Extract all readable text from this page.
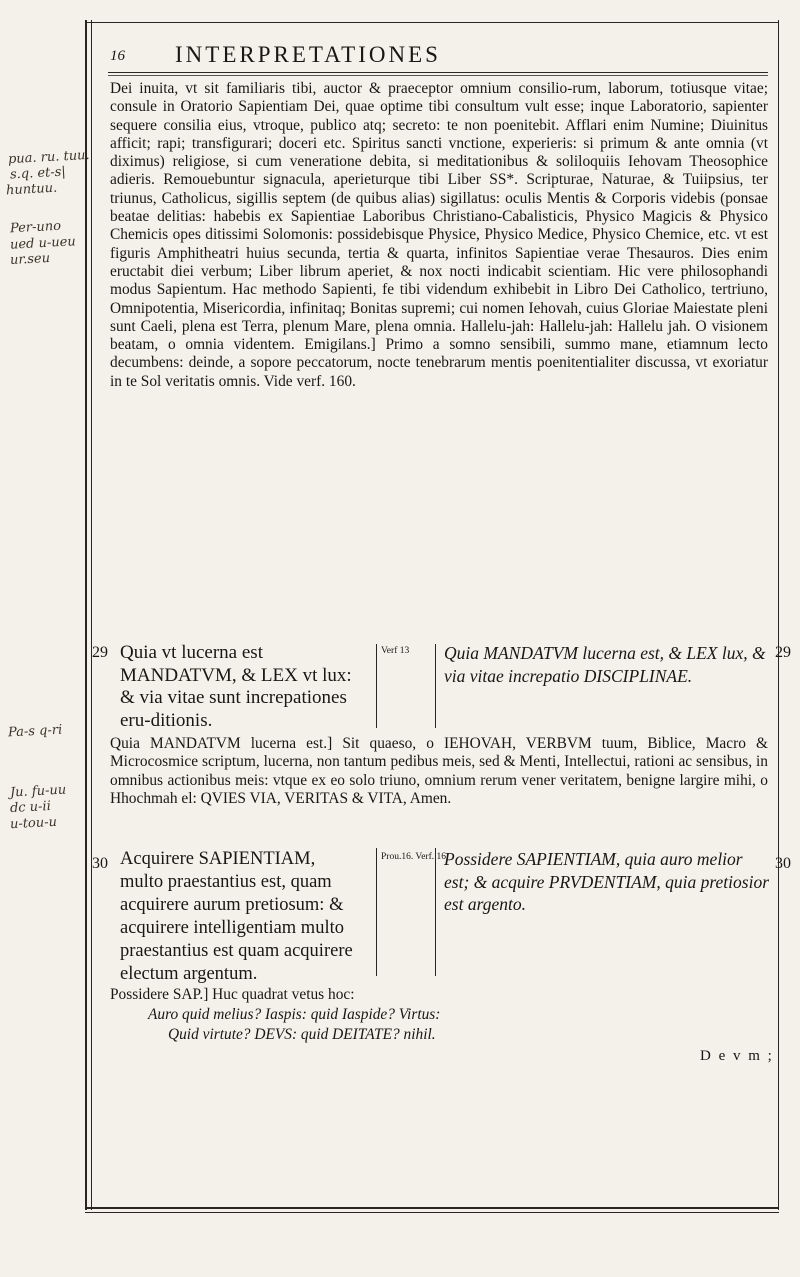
16 INTERPRETATIONES
pua. ru. tuu.
s.q. et-s|
huntuu.
Per-uno
ued u-ueu
ur.seu
Pa-s q-ri
Ju. fu-uu
dc u-ii
u-tou-u
Dei inuita, vt sit familiaris tibi, auctor & praeceptor omnium consilio-rum, laborum, totiusque vitae; consule in Oratorio Sapientiam Dei, quae optime tibi consultum vult esse; inque Laboratorio, sapienter sequere consilia eius, vtroque, publico atq; secreto: te non poenitebit. Afflari enim Numine; Diuinitus afficit; rapi; transfigurari; doceri etc. Spiritus sancti vnctione, experieris: si primum & ante omnia (vt diximus) religiose, si cum veneratione debita, si meditationibus & soliloquiis Iehovam Theosophice adieris. Remouebuntur signacula, aperieturque tibi Liber SS*. Scripturae, Naturae, & Tuiipsius, ter triunus, Catholicus, sigillis septem (de quibus alias) sigillatus: oculis Mentis & Corporis videbis (ponsae beatae delitias: habebis ex Sapientiae Laboribus Christiano-Cabalisticis, Physico Magicis & Physico Chemicis opes ditissimi Solomonis: possidebisque Physice, Physico Medice, Physico Chemice, etc. vt est figuris Amphitheatri huius secunda, tertia & quarta, infinitos Sapientiae verae Thesauros. Dies enim eructabit diei verbum; Liber librum aperiet, & nox nocti indicabit scientiam. Hic vere philosophandi modus Sapientum. Hac methodo Sapienti, fe tibi videndum exhibebit in Libro Dei Catholico, tertriuno, Omnipotentia, Misericordia, infinitaq; Bonitas supremi; cui nomen Iehovah, cuius Gloriae Maiestate pleni sunt Caeli, plena est Terra, plenum Mare, plena omnia. Hallelu-jah: Hallelu-jah: Hallelu jah. O visionem beatam, o omnia videntem. Emigilans.] Primo a somno sensibili, summo mane, etiamnum lecto decumbens: deinde, a sopore peccatorum, nocte tenebrarum mentis poenitentialiter discussa, vt exoriatur in te Sol veritatis omnis. Vide verf. 160.
29	29
Quia vt lucerna est MANDATVM, & LEX vt lux: & via vitae sunt increpationes eru-ditionis.
Verf 13 Quia MANDATVM lucerna est, & LEX lux, & via vitae increpatio DISCIPLINAE.
Quia MANDATVM lucerna est.] Sit quaeso, o IEHOVAH, VERBVM tuum, Biblice, Macro & Microcosmice scriptum, lucerna, non tantum pedibus meis, sed & Menti, Intellectui, rationi ac sensibus, in omnibus actionibus meis: vtque ex eo solo triuno, omnium rerum vener veritatem, benigne largire mihi, o Hhochmah el: QVIES VIA, VERITAS & VITA, Amen.
30	30
Acquirere SAPIENTIAM, multo praestantius est, quam acquirere aurum pretiosum: & acquirere intelligentiam multo praestantius est quam acquirere electum argentum.
Prou.16. Verf. 16.
Possidere SAPIENTIAM, quia auro melior est; & acquire PRVDENTIAM, quia pretiosior est argento.
Possidere SAP.] Huc quadrat vetus hoc:
Auro quid melius? Iaspis: quid Iaspide? Virtus:
Quid virtute? DEVS: quid DEITATE? nihil.
D e v m ;
